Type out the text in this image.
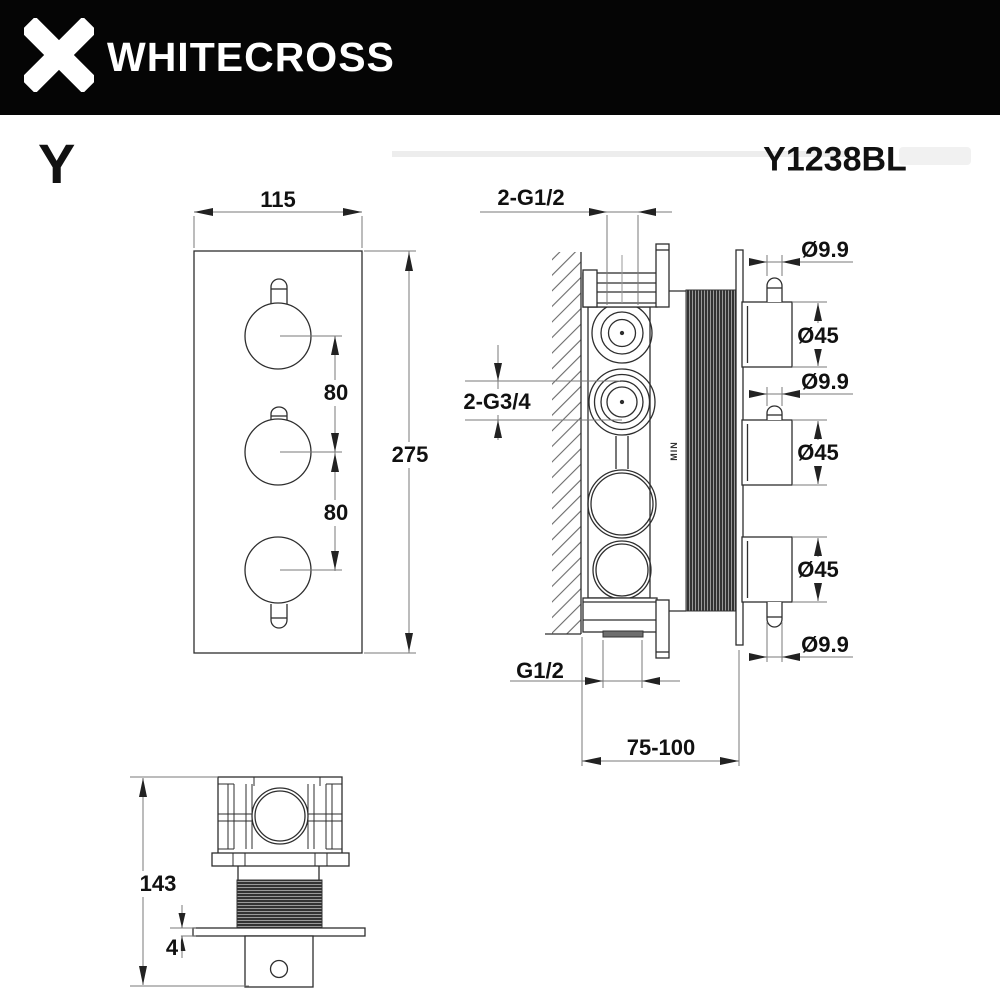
WHITECROSS
Y	Y1238BL
115
275
80
80
2-G1/2
2-G3/4
G1/2
75-100
MIN
Ø9.9
Ø45
Ø9.9
Ø45
Ø45
Ø9.9
143
4
